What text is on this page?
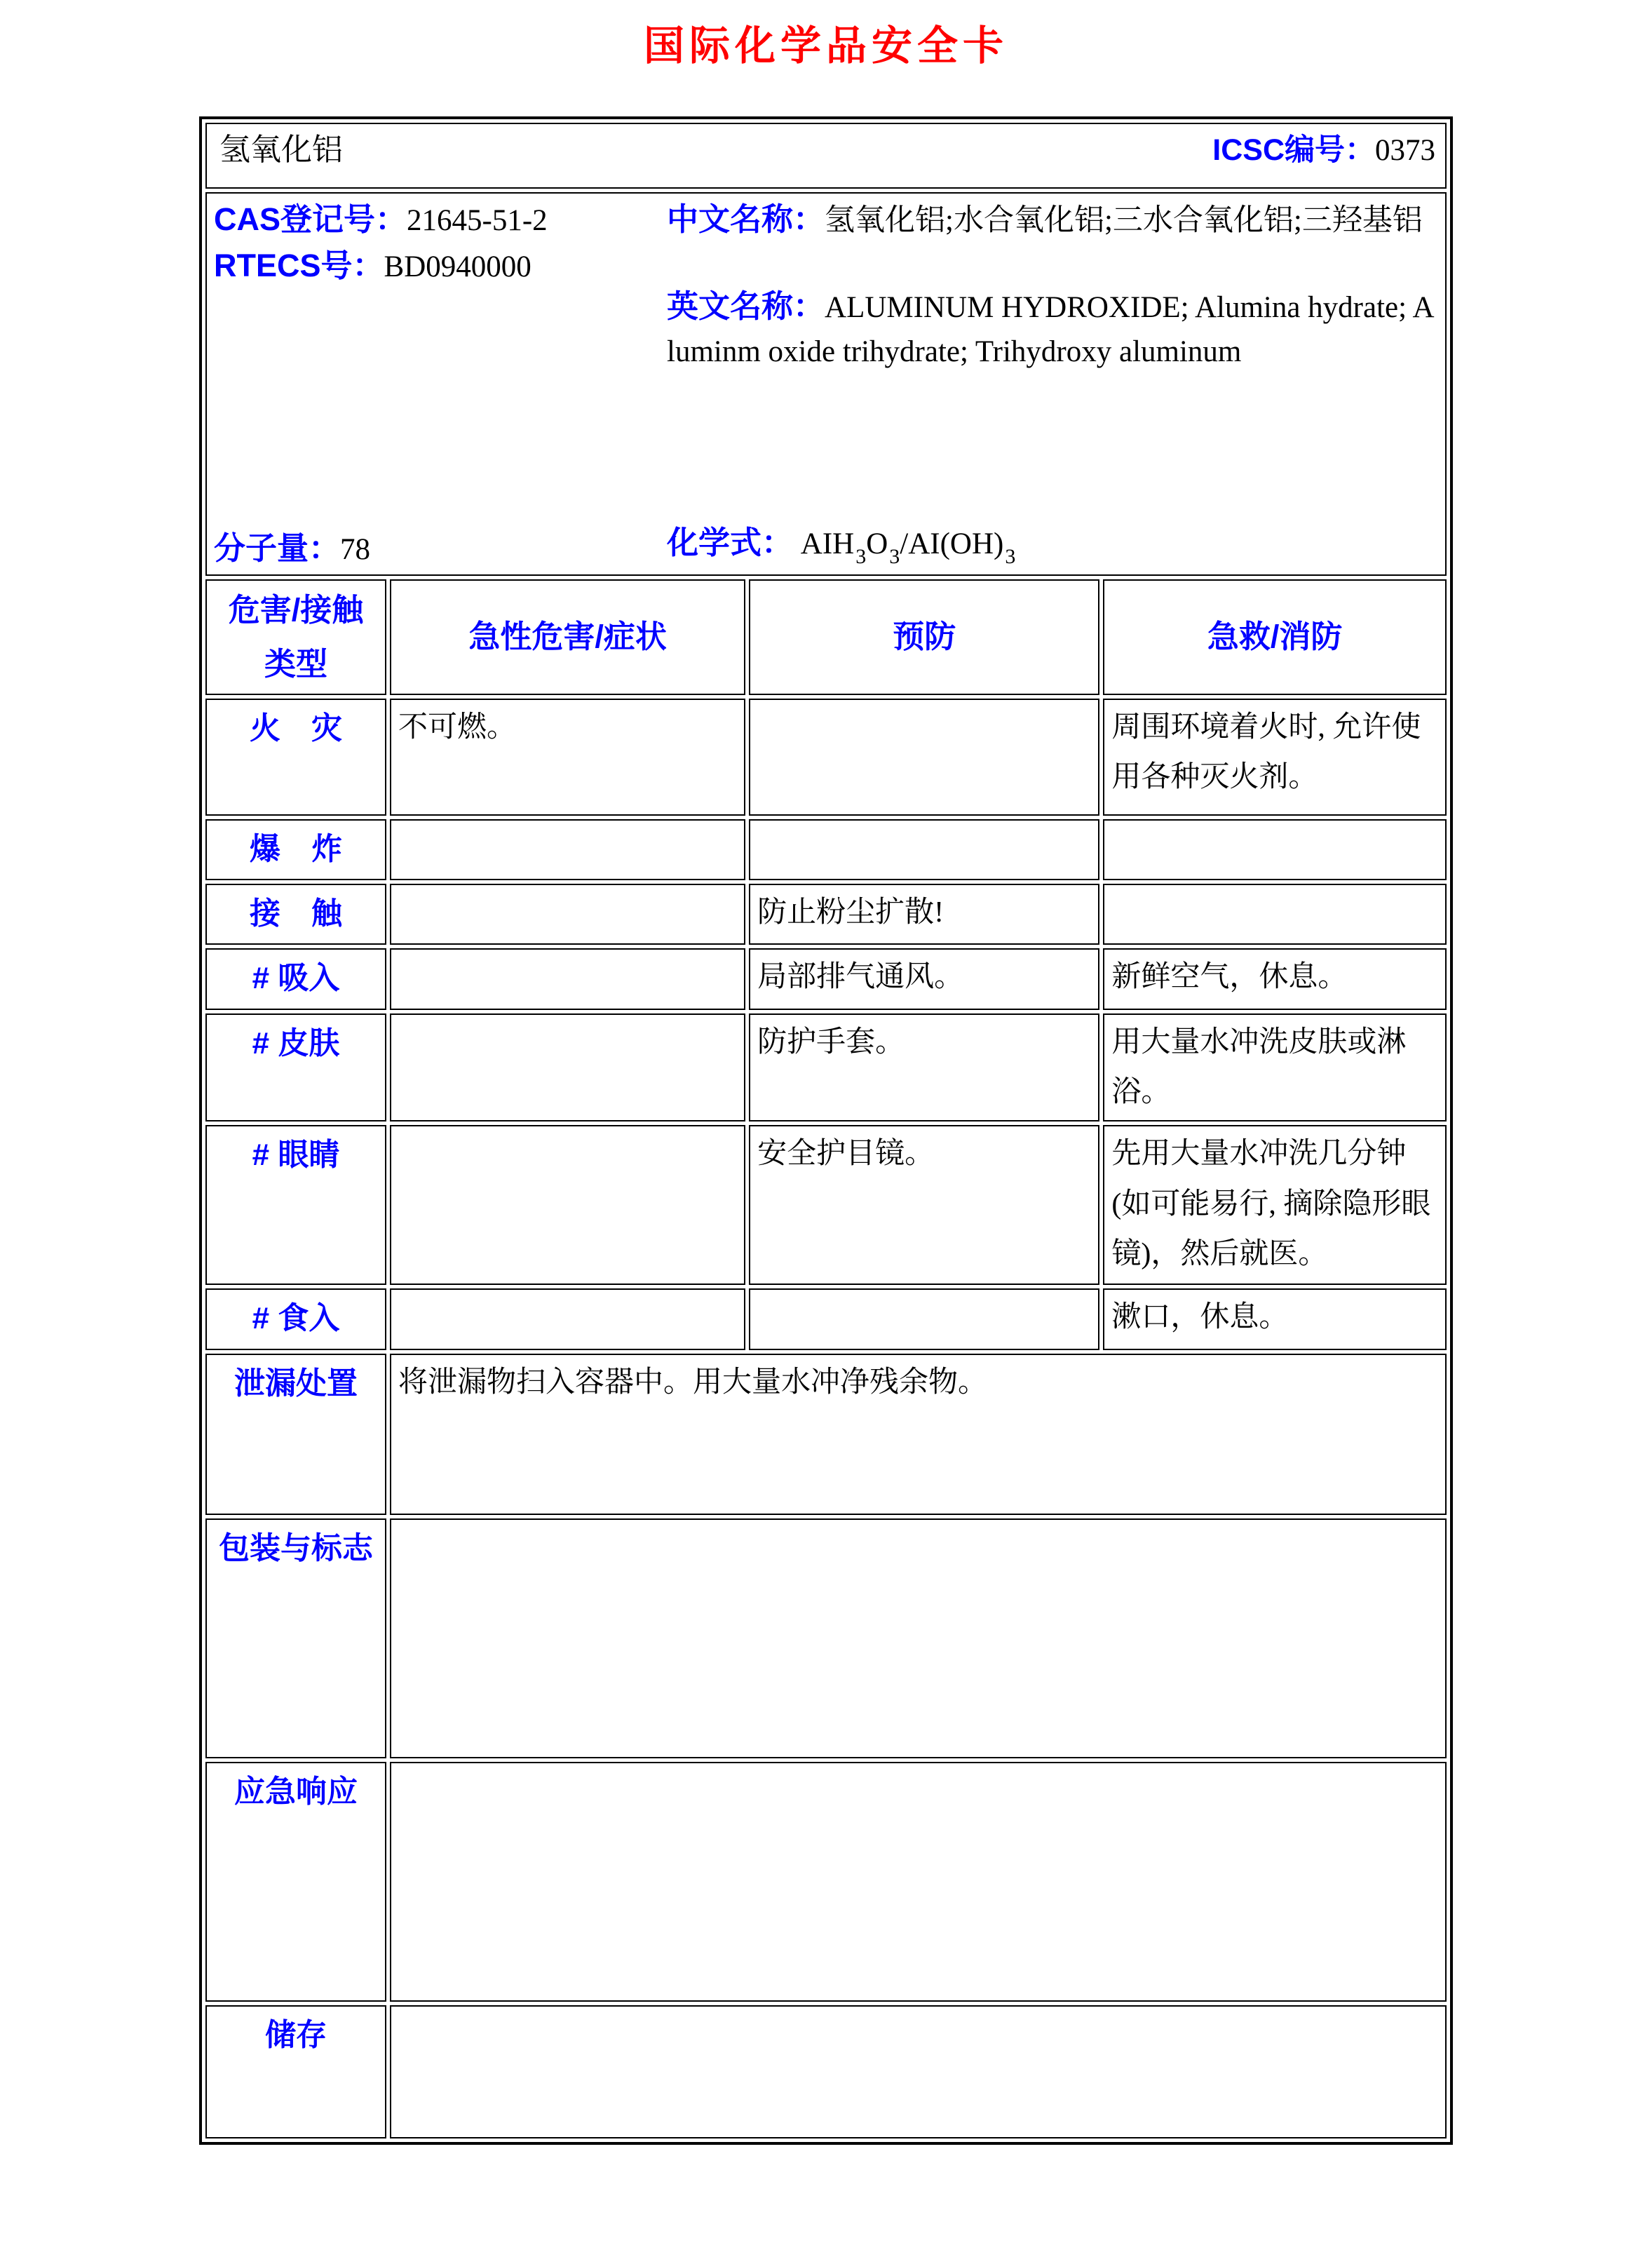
国际化学品安全卡
氢氧化铝 ICSC编号：0373			

CAS登记号：21645-51-2
RTECS号：BD0940000
分子量：78
中文名称：氢氧化铝;水合氧化铝;三水合氧化铝;三羟基铝
英文名称：ALUMINUM HYDROXIDE; Alumina hydrate; Aluminm oxide trihydrate; Trihydroxy aluminum
化学式： $AIH_3O_3/AI(OH)_3$

危害/接触类型	急性危害/症状	预防	急救/消防
火　灾	不可燃。		周围环境着火时, 允许使用各种灭火剂。
爆　炸			
接　触		防止粉尘扩散!	
# 吸入		局部排气通风。	新鲜空气，休息。
# 皮肤		防护手套。	用大量水冲洗皮肤或淋浴。
# 眼睛		安全护目镜。	先用大量水冲洗几分钟(如可能易行, 摘除隐形眼镜)，然后就医。
# 食入			漱口，休息。
泄漏处置	将泄漏物扫入容器中。用大量水冲净残余物。		
包装与标志			
应急响应			
储存			
